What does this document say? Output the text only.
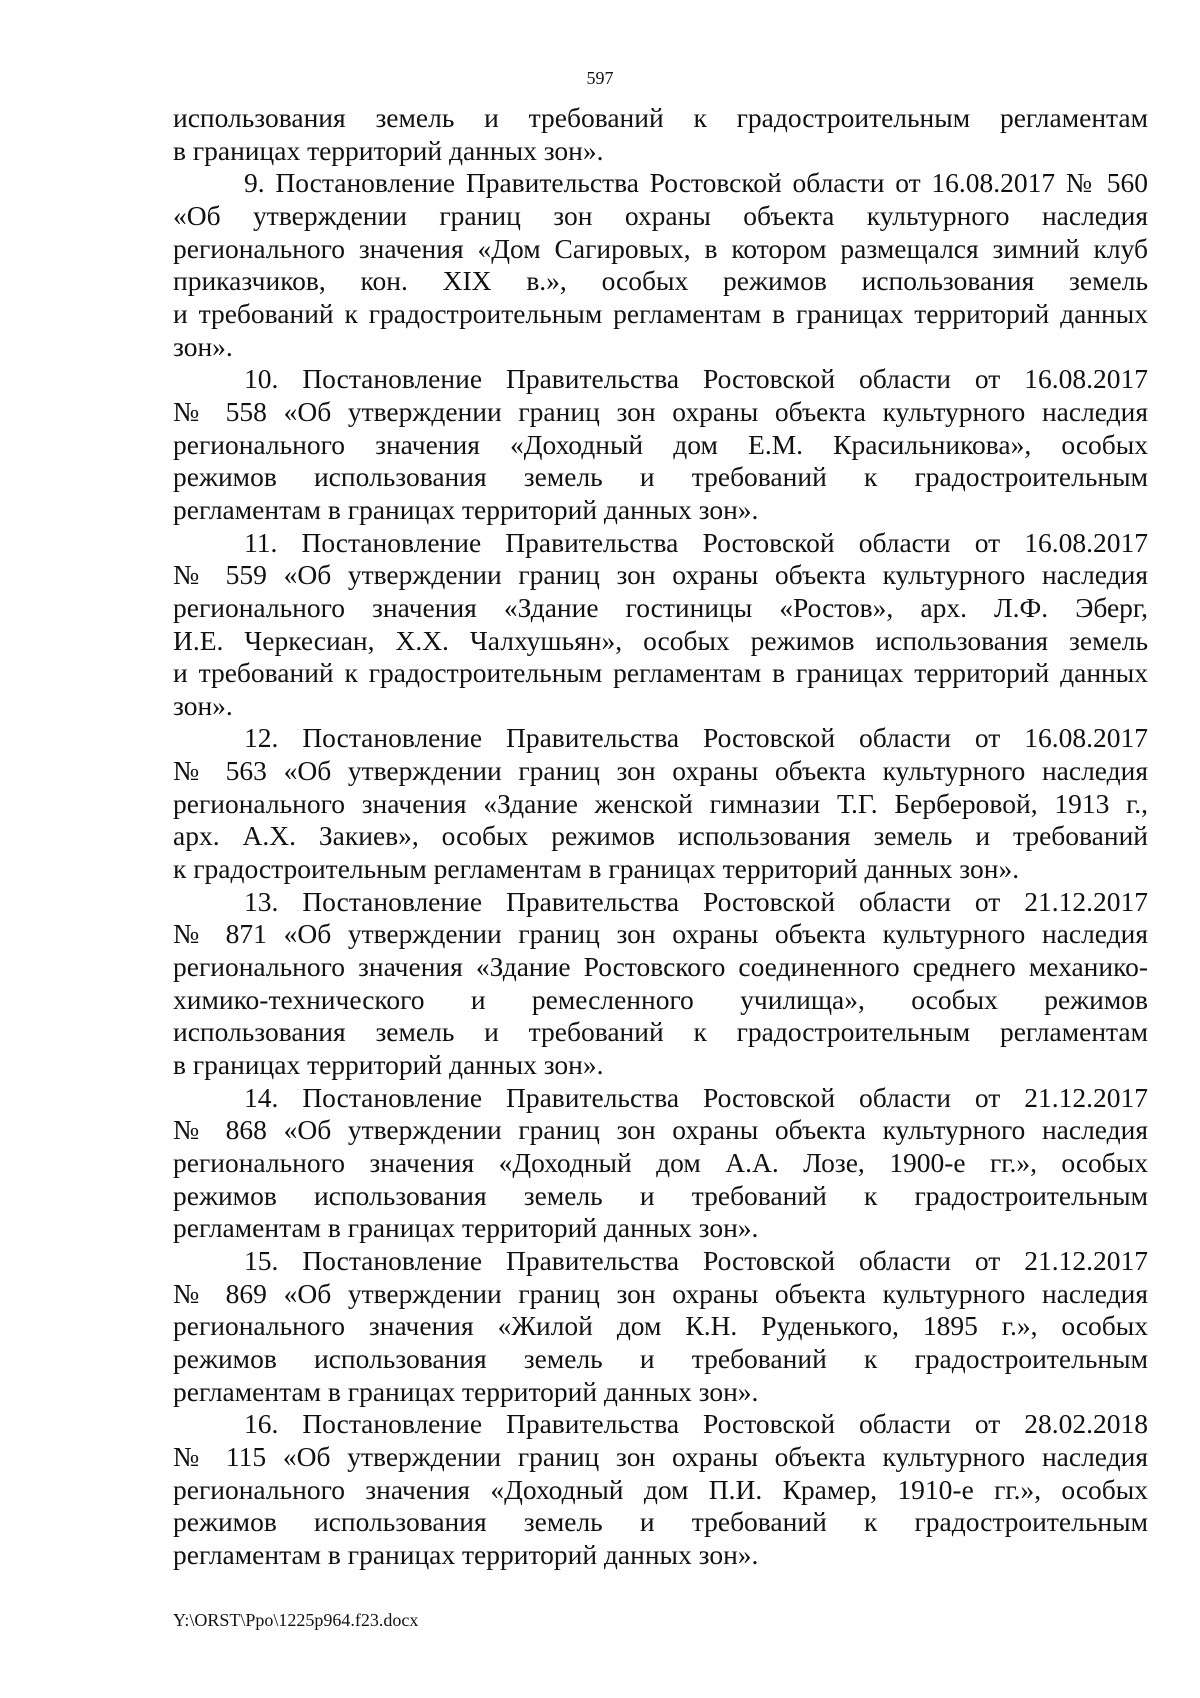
597
использования земель и требований к градостроительным регламентам
в границах территорий данных зон».
9. Постановление Правительства Ростовской области от 16.08.2017 № 560
«Об утверждении границ зон охраны объекта культурного наследия
регионального значения «Дом Сагировых, в котором размещался зимний клуб
приказчиков, кон. XIX в.», особых режимов использования земель
и требований к градостроительным регламентам в границах территорий данных
зон».
10. Постановление Правительства Ростовской области от 16.08.2017
№ 558 «Об утверждении границ зон охраны объекта культурного наследия
регионального значения «Доходный дом Е.М. Красильникова», особых
режимов использования земель и требований к градостроительным
регламентам в границах территорий данных зон».
11. Постановление Правительства Ростовской области от 16.08.2017
№ 559 «Об утверждении границ зон охраны объекта культурного наследия
регионального значения «Здание гостиницы «Ростов», арх. Л.Ф. Эберг,
И.Е. Черкесиан, Х.Х. Чалхушьян», особых режимов использования земель
и требований к градостроительным регламентам в границах территорий данных
зон».
12. Постановление Правительства Ростовской области от 16.08.2017
№ 563 «Об утверждении границ зон охраны объекта культурного наследия
регионального значения «Здание женской гимназии Т.Г. Берберовой, 1913 г.,
арх. А.Х. Закиев», особых режимов использования земель и требований
к градостроительным регламентам в границах территорий данных зон».
13. Постановление Правительства Ростовской области от 21.12.2017
№ 871 «Об утверждении границ зон охраны объекта культурного наследия
регионального значения «Здание Ростовского соединенного среднего механико-
химико-технического и ремесленного училища», особых режимов
использования земель и требований к градостроительным регламентам
в границах территорий данных зон».
14. Постановление Правительства Ростовской области от 21.12.2017
№ 868 «Об утверждении границ зон охраны объекта культурного наследия
регионального значения «Доходный дом А.А. Лозе, 1900-е гг.», особых
режимов использования земель и требований к градостроительным
регламентам в границах территорий данных зон».
15. Постановление Правительства Ростовской области от 21.12.2017
№ 869 «Об утверждении границ зон охраны объекта культурного наследия
регионального значения «Жилой дом К.Н. Руденького, 1895 г.», особых
режимов использования земель и требований к градостроительным
регламентам в границах территорий данных зон».
16. Постановление Правительства Ростовской области от 28.02.2018
№ 115 «Об утверждении границ зон охраны объекта культурного наследия
регионального значения «Доходный дом П.И. Крамер, 1910-е гг.», особых
режимов использования земель и требований к градостроительным
регламентам в границах территорий данных зон».
Y:\ORST\Ppo\1225p964.f23.docx
